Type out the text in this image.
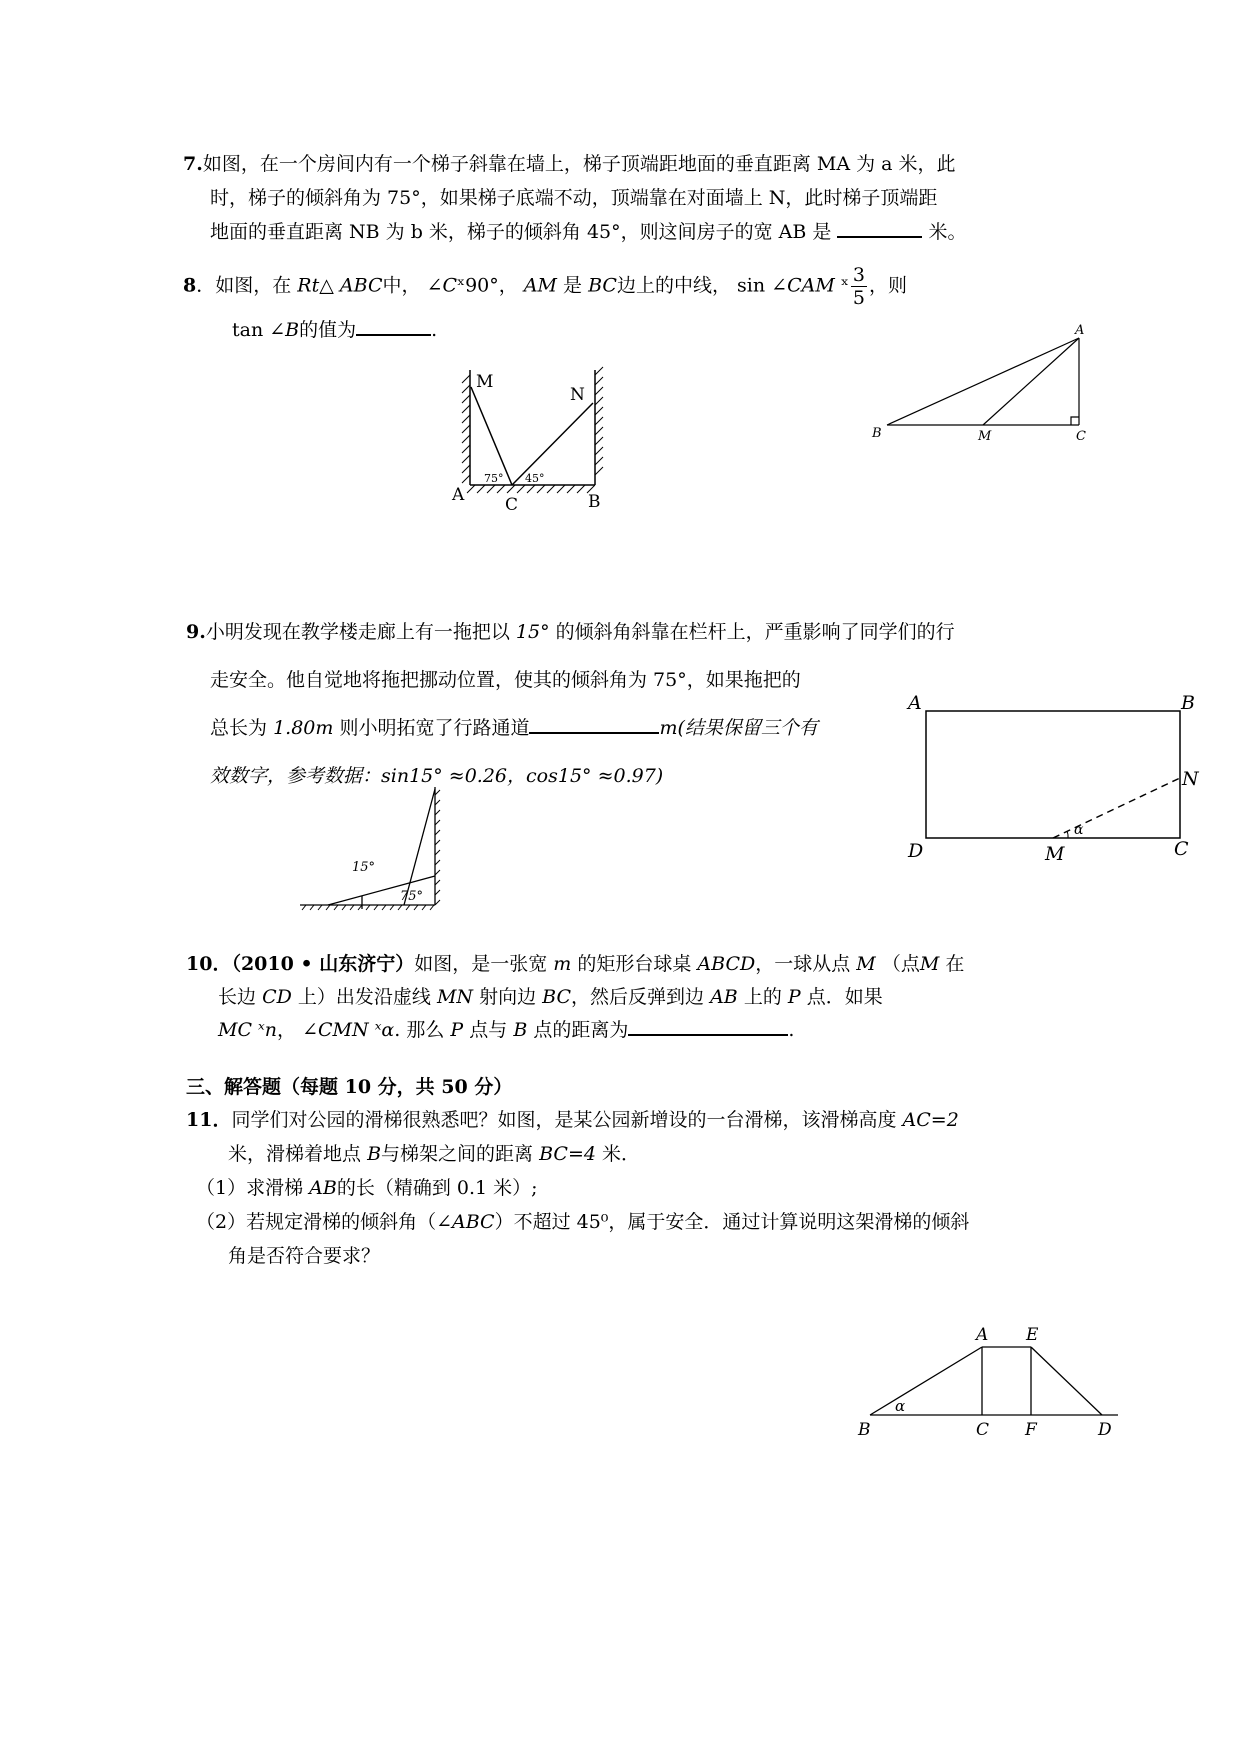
7.如图，在一个房间内有一个梯子斜靠在墙上，梯子顶端距地面的垂直距离 MA 为 a 米，此
时，梯子的倾斜角为 75°，如果梯子底端不动，顶端靠在对面墙上 N，此时梯子顶端距
地面的垂直距离 NB 为 b 米，梯子的倾斜角 45°，则这间房子的宽 AB 是	米。
8．如图，在 Rt△ ABC中， ∠Cˣ90°， AM 是 BC边上的中线， sin ∠CAM ˣ $\frac{3}{5}$ ，则
tan ∠B的值为	.
M
N
A C	B
75° 45°
A
B	M	C
9.小明发现在教学楼走廊上有一拖把以 15° 的倾斜角斜靠在栏杆上，严重影响了同学们的行
走安全。他自觉地将拖把挪动位置，使其的倾斜角为 75°，如果拖把的
总长为 1.80m 则小明拓宽了行路通道	m(结果保留三个有
效数字，参考数据：sin15° ≈0.26，cos15° ≈0.97)
A	B
D	C
N
M
α
15°
75°
10．（2010 • 山东济宁）如图，是一张宽 m 的矩形台球桌 ABCD，一球从点 M （点M 在
长边 CD 上）出发沿虚线 MN 射向边 BC，然后反弹到边 AB 上的 P 点．如果
MC ˣn， ∠CMN ˣα. 那么 P 点与 B 点的距离为	.
三、解答题（每题 10 分，共 50 分）
11．同学们对公园的滑梯很熟悉吧？如图，是某公园新增设的一台滑梯，该滑梯高度 AC=2
米，滑梯着地点 B与梯架之间的距离 BC=4 米．
（1）求滑梯 AB的长（精确到 0.1 米）;
（2）若规定滑梯的倾斜角（∠ABC）不超过 45⁰，属于安全．通过计算说明这架滑梯的倾斜
角是否符合要求？
A E
B	C F	D
α
